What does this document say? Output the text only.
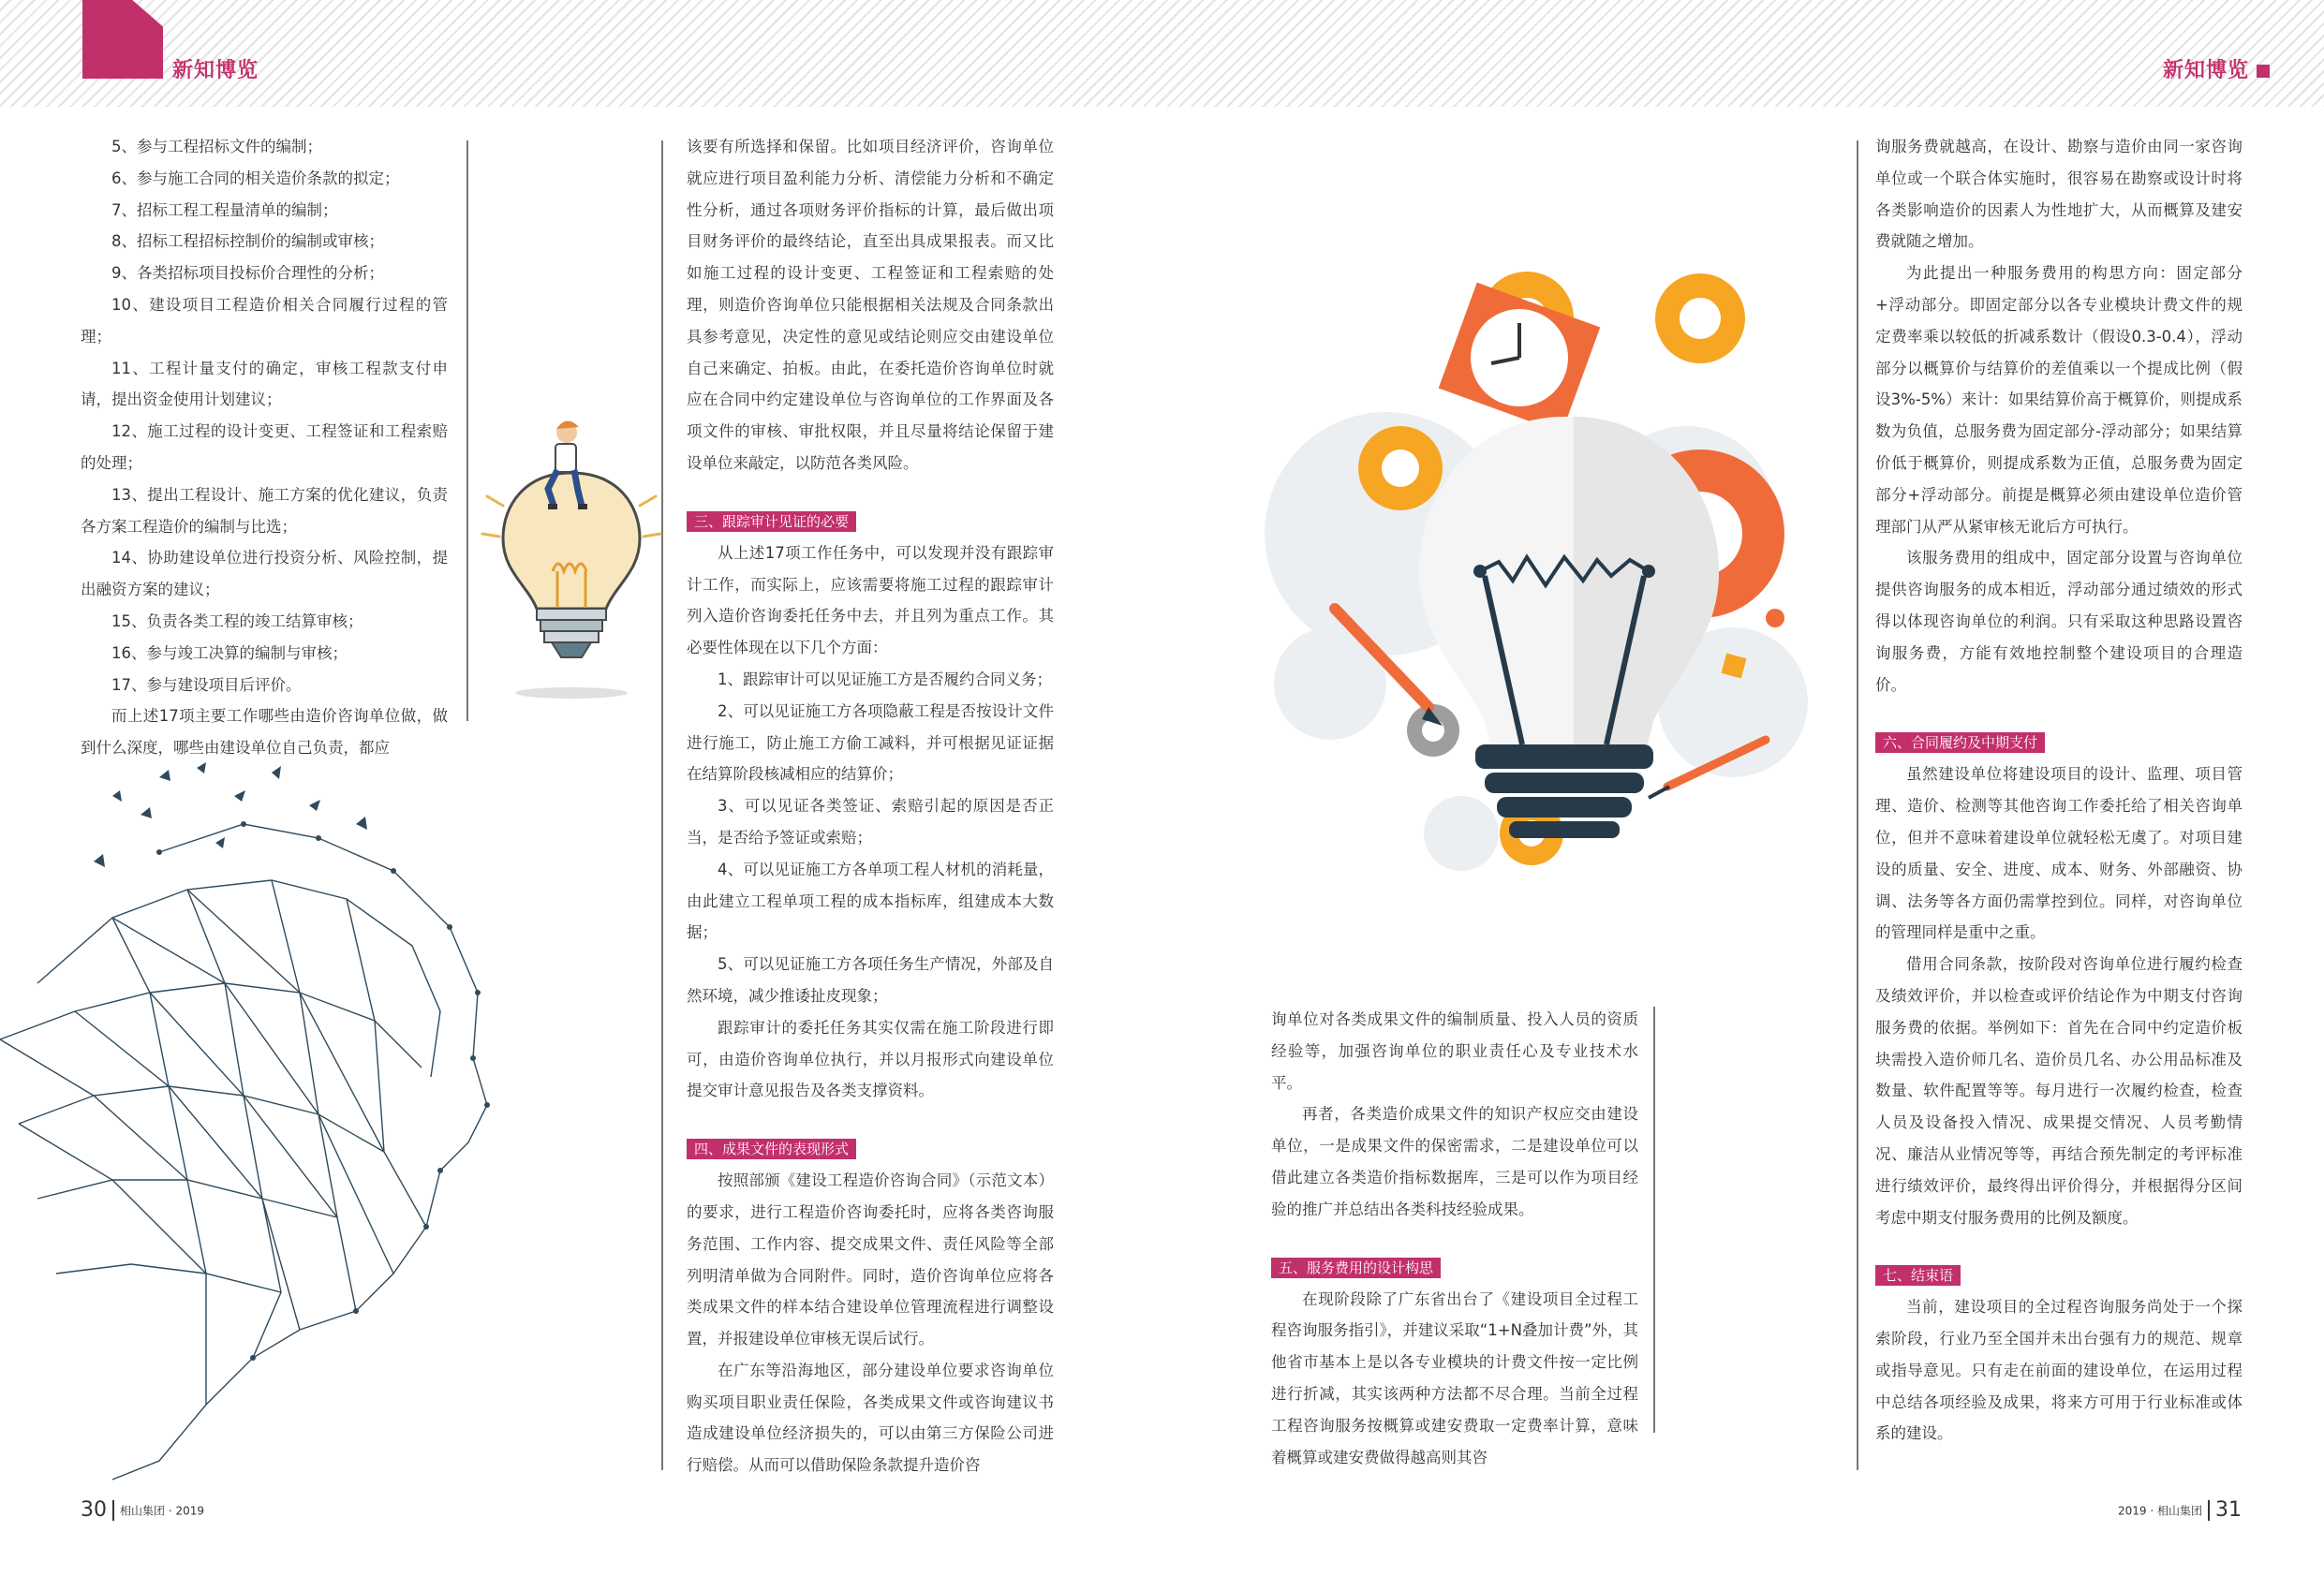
新知博览	新知博览

5、参与工程招标文件的编制；

6、参与施工合同的相关造价条款的拟定；

7、招标工程工程量清单的编制；

8、招标工程招标控制价的编制或审核；

9、各类招标项目投标价合理性的分析；

10、建设项目工程造价相关合同履行过程的管理；

11、工程计量支付的确定，审核工程款支付申请，提出资金使用计划建议；

12、施工过程的设计变更、工程签证和工程索赔的处理；

13、提出工程设计、施工方案的优化建议，负责各方案工程造价的编制与比选；

14、协助建设单位进行投资分析、风险控制，提出融资方案的建议；

15、负责各类工程的竣工结算审核；

16、参与竣工决算的编制与审核；

17、参与建设项目后评价。

而上述17项主要工作哪些由造价咨询单位做，做到什么深度，哪些由建设单位自己负责，都应

该要有所选择和保留。比如项目经济评价，咨询单位就应进行项目盈利能力分析、清偿能力分析和不确定性分析，通过各项财务评价指标的计算，最后做出项目财务评价的最终结论，直至出具成果报表。而又比如施工过程的设计变更、工程签证和工程索赔的处理，则造价咨询单位只能根据相关法规及合同条款出具参考意见，决定性的意见或结论则应交由建设单位自己来确定、拍板。由此，在委托造价咨询单位时就应在合同中约定建设单位与咨询单位的工作界面及各项文件的审核、审批权限，并且尽量将结论保留于建设单位来敲定，以防范各类风险。

三、跟踪审计见证的必要

从上述17项工作任务中，可以发现并没有跟踪审计工作，而实际上，应该需要将施工过程的跟踪审计列入造价咨询委托任务中去，并且列为重点工作。其必要性体现在以下几个方面：

1、跟踪审计可以见证施工方是否履约合同义务；

2、可以见证施工方各项隐蔽工程是否按设计文件进行施工，防止施工方偷工减料，并可根据见证证据在结算阶段核减相应的结算价；

3、可以见证各类签证、索赔引起的原因是否正当，是否给予签证或索赔；

4、可以见证施工方各单项工程人材机的消耗量，由此建立工程单项工程的成本指标库，组建成本大数据；

5、可以见证施工方各项任务生产情况，外部及自然环境，减少推诿扯皮现象；

跟踪审计的委托任务其实仅需在施工阶段进行即可，由造价咨询单位执行，并以月报形式向建设单位提交审计意见报告及各类支撑资料。

四、成果文件的表现形式

按照部颁《建设工程造价咨询合同》（示范文本）的要求，进行工程造价咨询委托时，应将各类咨询服务范围、工作内容、提交成果文件、责任风险等全部列明清单做为合同附件。同时，造价咨询单位应将各类成果文件的样本结合建设单位管理流程进行调整设置，并报建设单位审核无误后试行。

在广东等沿海地区，部分建设单位要求咨询单位购买项目职业责任保险，各类成果文件或咨询建议书造成建设单位经济损失的，可以由第三方保险公司进行赔偿。从而可以借助保险条款提升造价咨

询单位对各类成果文件的编制质量、投入人员的资质经验等，加强咨询单位的职业责任心及专业技术水平。

再者，各类造价成果文件的知识产权应交由建设单位，一是成果文件的保密需求，二是建设单位可以借此建立各类造价指标数据库，三是可以作为项目经验的推广并总结出各类科技经验成果。

五、服务费用的设计构思

在现阶段除了广东省出台了《建设项目全过程工程咨询服务指引》，并建议采取“1+N叠加计费”外，其他省市基本上是以各专业模块的计费文件按一定比例进行折减，其实该两种方法都不尽合理。当前全过程工程咨询服务按概算或建安费取一定费率计算，意味着概算或建安费做得越高则其咨

询服务费就越高，在设计、勘察与造价由同一家咨询单位或一个联合体实施时，很容易在勘察或设计时将各类影响造价的因素人为性地扩大，从而概算及建安费就随之增加。

为此提出一种服务费用的构思方向：固定部分+浮动部分。即固定部分以各专业模块计费文件的规定费率乘以较低的折减系数计（假设0.3-0.4），浮动部分以概算价与结算价的差值乘以一个提成比例（假设3%-5%）来计：如果结算价高于概算价，则提成系数为负值，总服务费为固定部分-浮动部分；如果结算价低于概算价，则提成系数为正值，总服务费为固定部分+浮动部分。前提是概算必须由建设单位造价管理部门从严从紧审核无讹后方可执行。

该服务费用的组成中，固定部分设置与咨询单位提供咨询服务的成本相近，浮动部分通过绩效的形式得以体现咨询单位的利润。只有采取这种思路设置咨询服务费，方能有效地控制整个建设项目的合理造价。

六、合同履约及中期支付

虽然建设单位将建设项目的设计、监理、项目管理、造价、检测等其他咨询工作委托给了相关咨询单位，但并不意味着建设单位就轻松无虞了。对项目建设的质量、安全、进度、成本、财务、外部融资、协调、法务等各方面仍需掌控到位。同样，对咨询单位的管理同样是重中之重。

借用合同条款，按阶段对咨询单位进行履约检查及绩效评价，并以检查或评价结论作为中期支付咨询服务费的依据。举例如下：首先在合同中约定造价板块需投入造价师几名、造价员几名、办公用品标准及数量、软件配置等等。每月进行一次履约检查，检查人员及设备投入情况、成果提交情况、人员考勤情况、廉洁从业情况等等，再结合预先制定的考评标准进行绩效评价，最终得出评价得分，并根据得分区间考虑中期支付服务费用的比例及额度。

七、结束语

当前，建设项目的全过程咨询服务尚处于一个探索阶段，行业乃至全国并未出台强有力的规范、规章或指导意见。只有走在前面的建设单位，在运用过程中总结各项经验及成果，将来方可用于行业标准或体系的建设。

30 相山集团 · 2019	2019 · 相山集团 31
